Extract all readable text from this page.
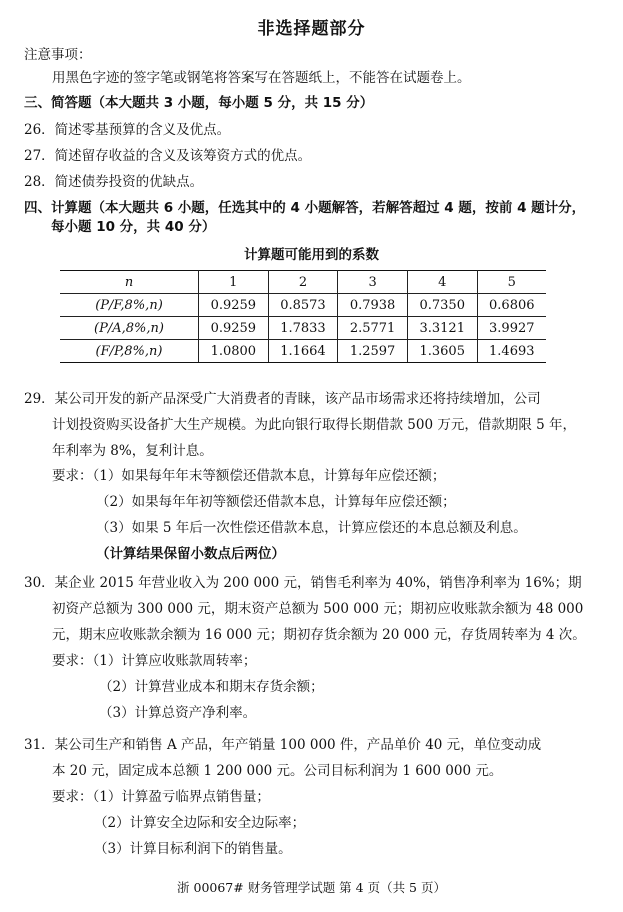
非选择题部分
注意事项：
用黑色字迹的签字笔或钢笔将答案写在答题纸上，不能答在试题卷上。
三、简答题（本大题共 3 小题，每小题 5 分，共 15 分）
26．简述零基预算的含义及优点。
27．简述留存收益的含义及该筹资方式的优点。
28．简述债券投资的优缺点。
四、计算题（本大题共 6 小题，任选其中的 4 小题解答，若解答超过 4 题，按前 4 题计分，
每小题 10 分，共 40 分）
计算题可能用到的系数
n	1	2	3	4	5
(P/F,8%,n)	0.9259	0.8573	0.7938	0.7350	0.6806
(P/A,8%,n)	0.9259	1.7833	2.5771	3.3121	3.9927
(F/P,8%,n)	1.0800	1.1664	1.2597	1.3605	1.4693
29．某公司开发的新产品深受广大消费者的青睐，该产品市场需求还将持续增加，公司
计划投资购买设备扩大生产规模。为此向银行取得长期借款 500 万元，借款期限 5 年，
年利率为 8%，复利计息。
要求：（1）如果每年年末等额偿还借款本息，计算每年应偿还额；
（2）如果每年年初等额偿还借款本息，计算每年应偿还额；
（3）如果 5 年后一次性偿还借款本息，计算应偿还的本息总额及利息。
（计算结果保留小数点后两位）
30．某企业 2015 年营业收入为 200 000 元，销售毛利率为 40%，销售净利率为 16%；期
初资产总额为 300 000 元，期末资产总额为 500 000 元；期初应收账款余额为 48 000
元，期末应收账款余额为 16 000 元；期初存货余额为 20 000 元，存货周转率为 4 次。
要求：（1）计算应收账款周转率；
（2）计算营业成本和期末存货余额；
（3）计算总资产净利率。
31．某公司生产和销售 A 产品，年产销量 100 000 件，产品单价 40 元，单位变动成
本 20 元，固定成本总额 1 200 000 元。公司目标利润为 1 600 000 元。
要求：（1）计算盈亏临界点销售量；
（2）计算安全边际和安全边际率；
（3）计算目标利润下的销售量。
浙 00067# 财务管理学试题 第 4 页（共 5 页）
